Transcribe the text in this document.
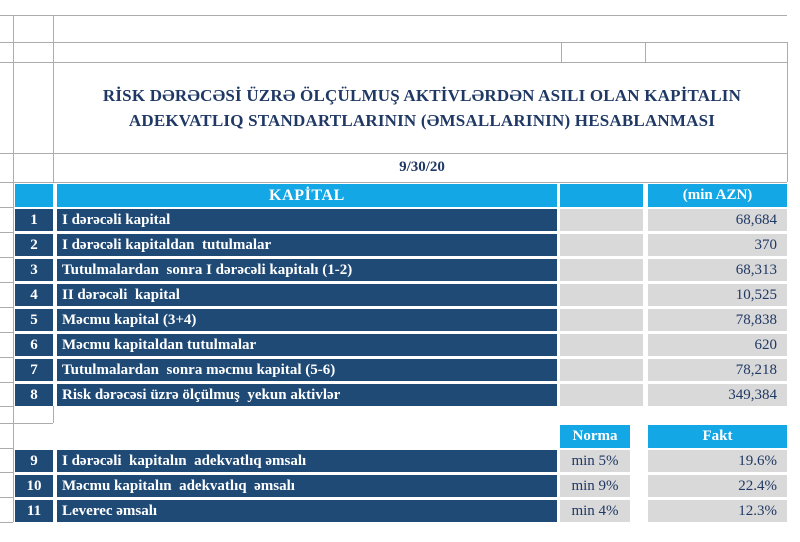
RİSK DƏRƏCƏSİ ÜZRƏ ÖLÇÜLMUŞ AKTİVLƏRDƏN ASILI OLAN KAPİTALIN
ADEKVATLIQ STANDARTLARININ (ƏMSALLARININ) HESABLANMASI
9/30/20
KAPİTAL	(min AZN)
1 I dərəcəli kapital	68,684
2 I dərəcəli kapitaldan  tutulmalar	370
3 Tutulmalardan  sonra I dərəcəli kapitalı (1-2)	68,313
4 II dərəcəli  kapital	10,525
5 Məcmu kapital (3+4)	78,838
6 Məcmu kapitaldan tutulmalar	620
7 Tutulmalardan  sonra məcmu kapital (5-6)	78,218
8 Risk dərəcəsi üzrə ölçülmuş  yekun aktivlər	349,384
Norma	Fakt
9 I dərəcəli  kapitalın  adekvatlıq əmsalı	min 5%	19.6%
10 Məcmu kapitalın  adekvatlıq  əmsalı	min 9%	22.4%
11 Leverec əmsalı	min 4%	12.3%
